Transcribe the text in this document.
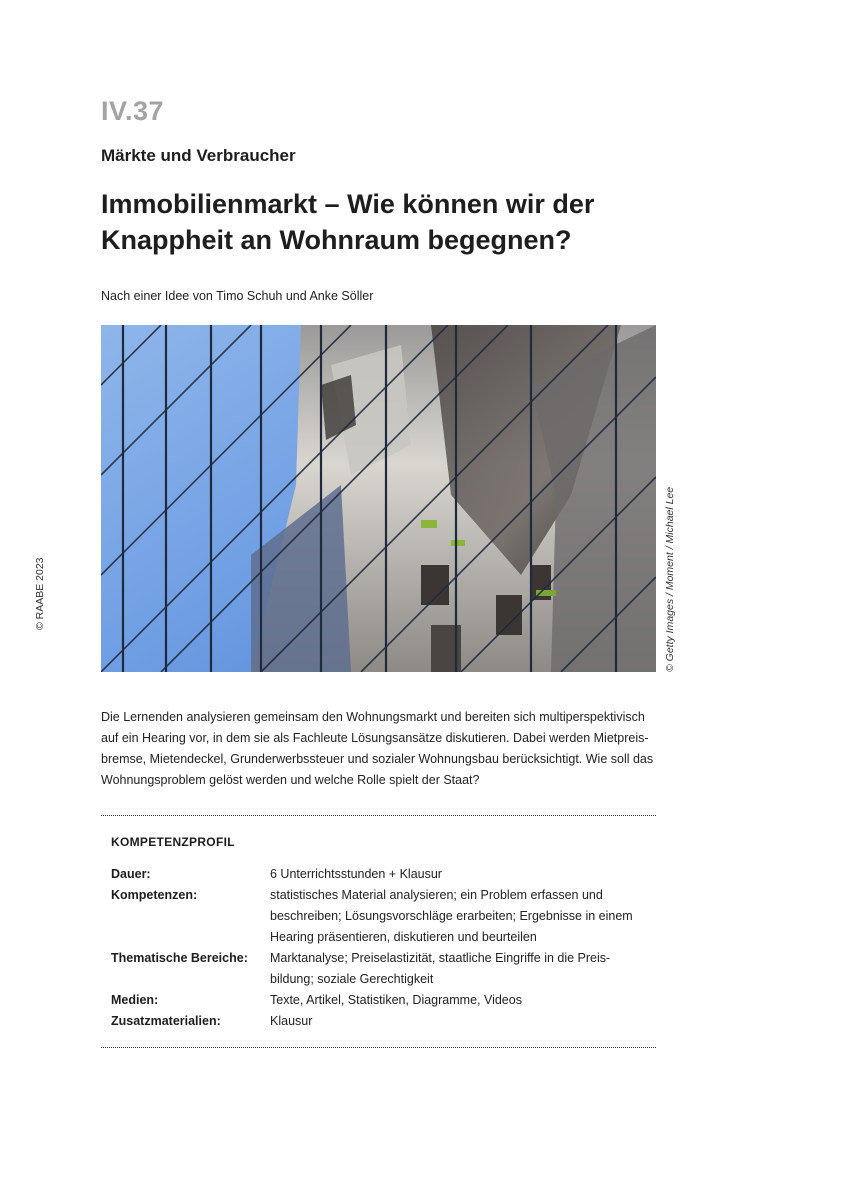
© RAABE 2023
IV.37
Märkte und Verbraucher
Immobilienmarkt – Wie können wir der
Knappheit an Wohnraum begegnen?
Nach einer Idee von Timo Schuh und Anke Söller
© Getty Images / Moment / Michael Lee
Die Lernenden analysieren gemeinsam den Wohnungsmarkt und bereiten sich multiperspektivisch
auf ein Hearing vor, in dem sie als Fachleute Lösungsansätze diskutieren. Dabei werden Mietpreis-
bremse, Mietendeckel, Grunderwerbssteuer und sozialer Wohnungsbau berücksichtigt. Wie soll das
Wohnungsproblem gelöst werden und welche Rolle spielt der Staat?
KOMPETENZPROFIL
Dauer:	6 Unterrichtsstunden + Klausur
Kompetenzen:	statistisches Material analysieren; ein Problem erfassen und
beschreiben; Lösungsvorschläge erarbeiten; Ergebnisse in einem
Hearing präsentieren, diskutieren und beurteilen
Thematische Bereiche:	Marktanalyse; Preiselastizität, staatliche Eingriffe in die Preis-
bildung; soziale Gerechtigkeit
Medien:	Texte, Artikel, Statistiken, Diagramme, Videos
Zusatzmaterialien:	Klausur
